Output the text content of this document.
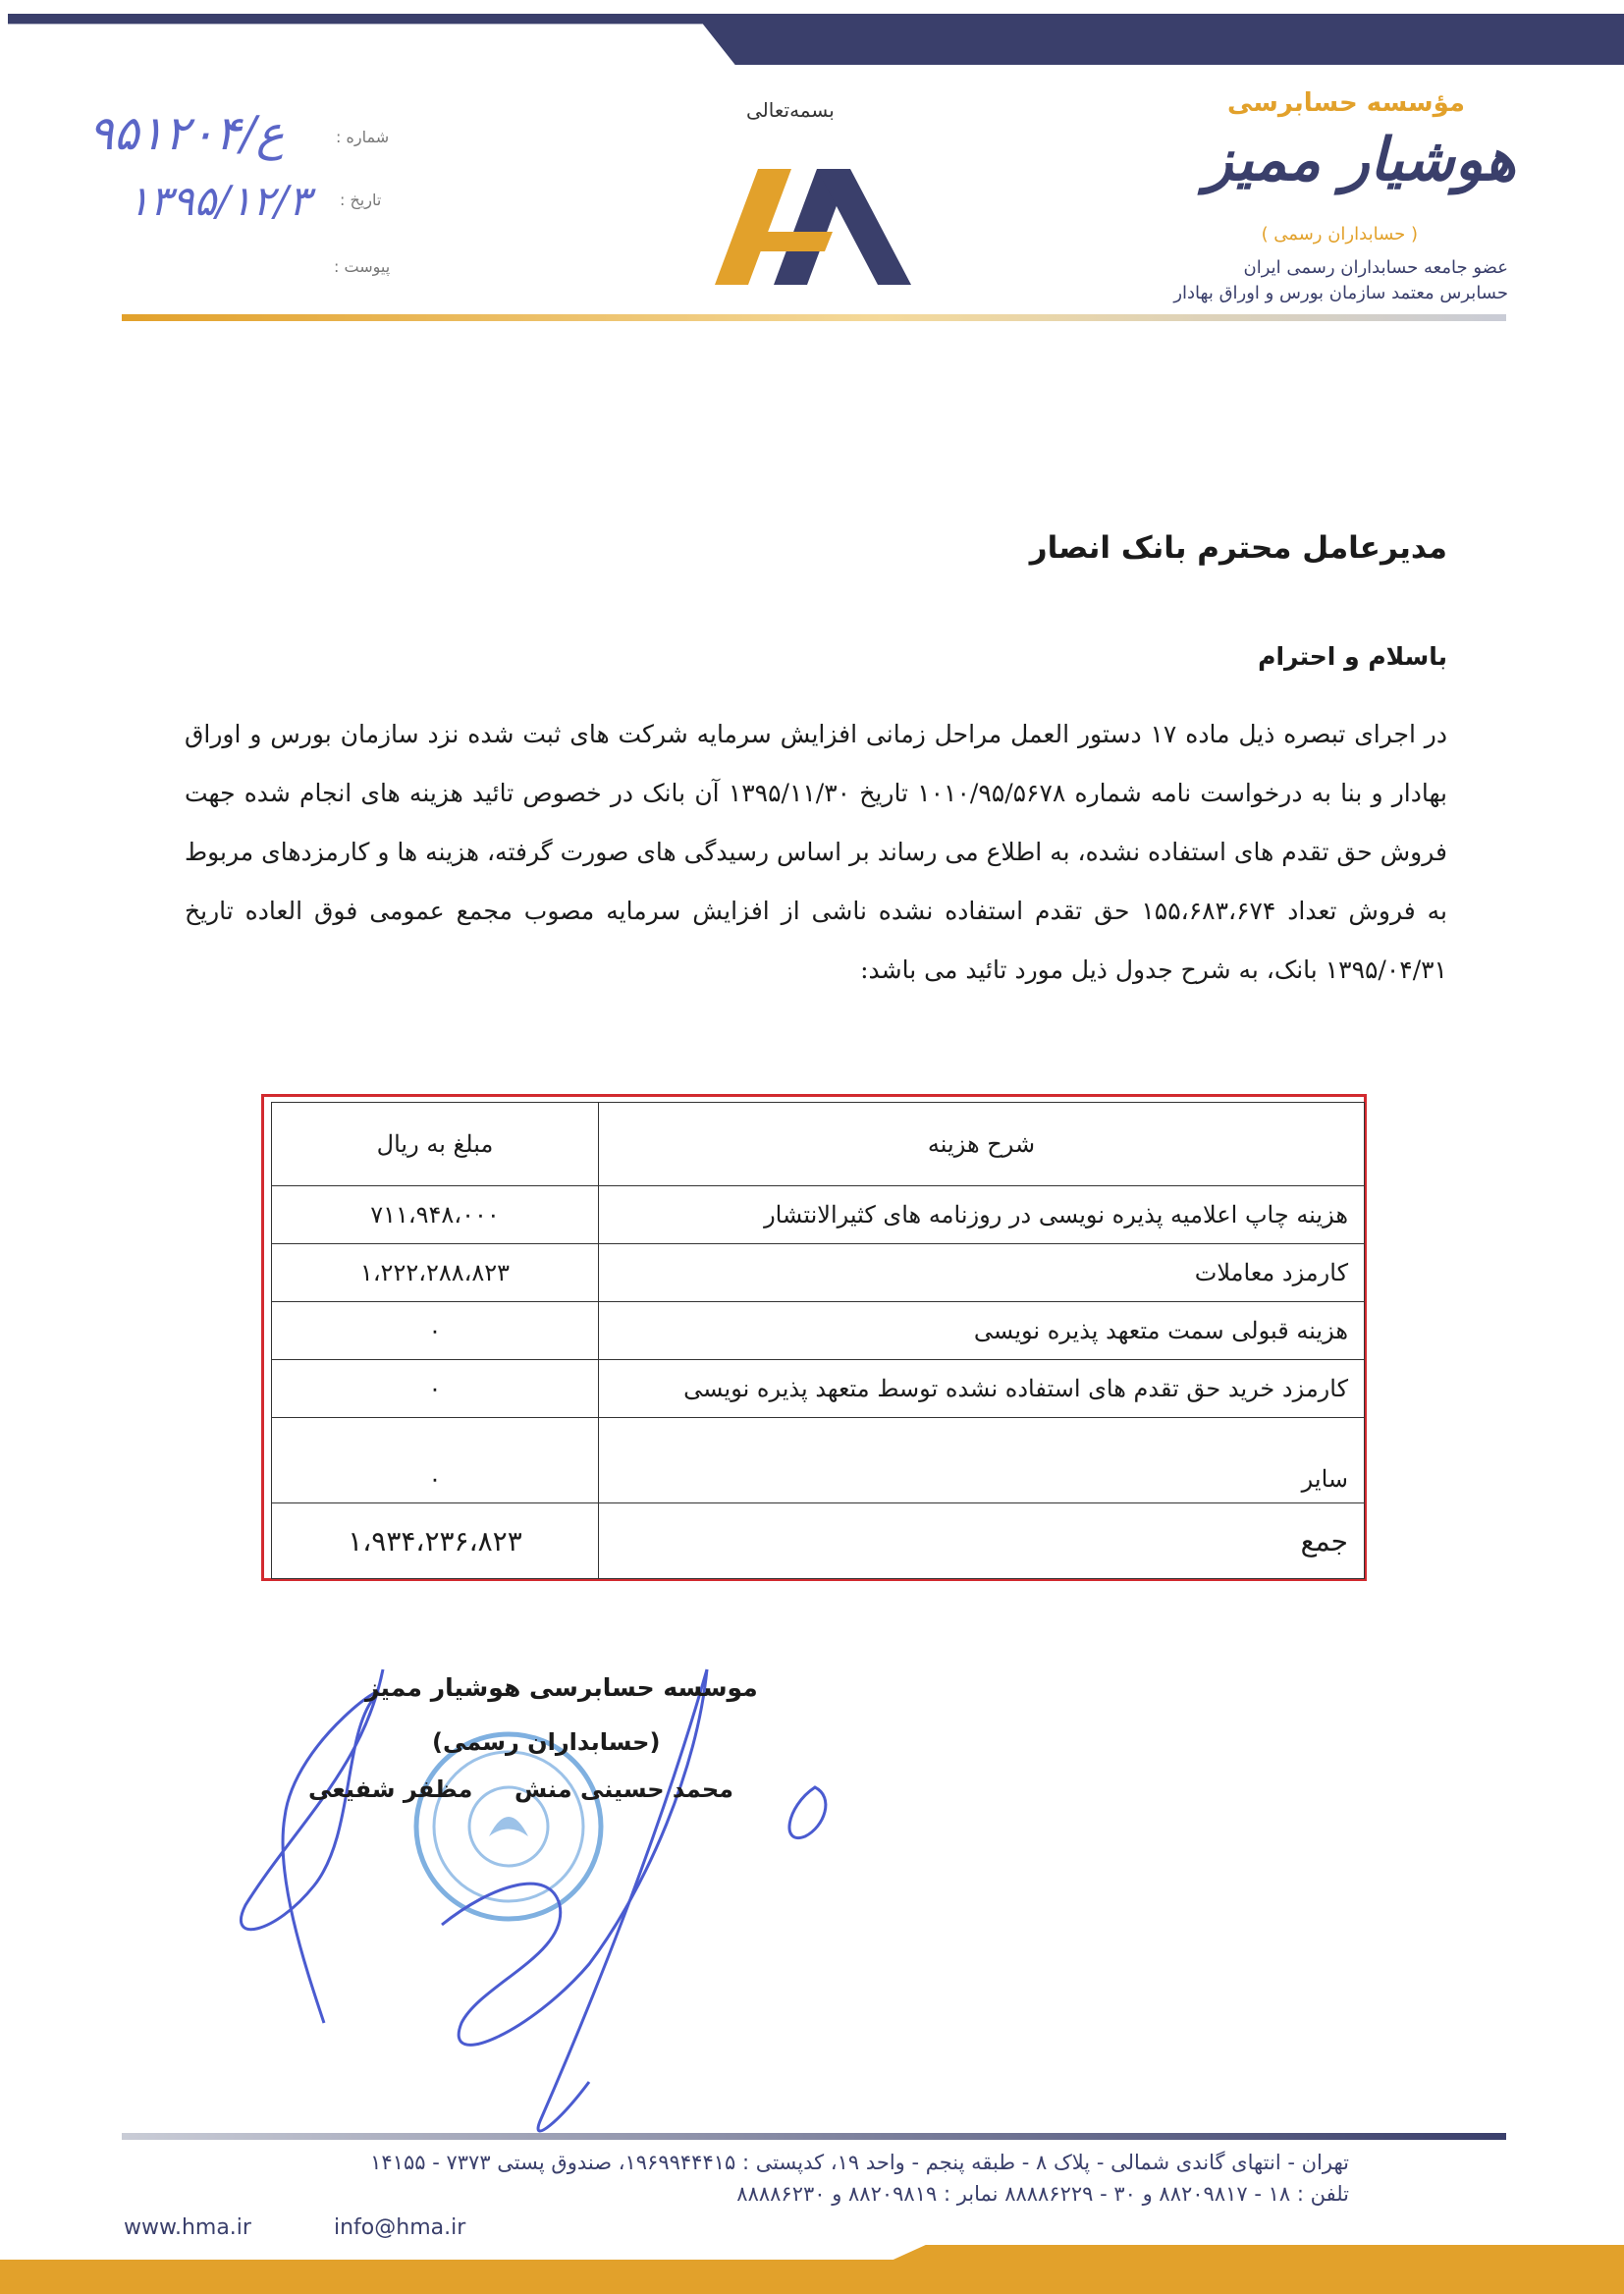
مؤسسه حسابرسی
هوشیار ممیز
( حسابداران رسمی )
عضو جامعه حسابداران رسمی ایران
حسابرس معتمد سازمان بورس و اوراق بهادار
بسمه‌تعالی
شماره :
تاریخ :
پیوست :
۹۵۱۲۰۴/ع
۱۳۹۵/۱۲/۳
مدیرعامل محترم بانک انصار
باسلام و احترام
در اجرای تبصره ذیل ماده ۱۷ دستور العمل مراحل زمانی افزایش سرمایه شرکت های ثبت شده نزد سازمان بورس و اوراق بهادار و بنا به درخواست نامه شماره ۱۰۱۰/۹۵/۵۶۷۸ تاریخ ۱۳۹۵/۱۱/۳۰ آن بانک در خصوص تائید هزینه های انجام شده جهت فروش حق تقدم های استفاده نشده، به اطلاع می رساند بر اساس رسیدگی های صورت گرفته، هزینه ها و کارمزدهای مربوط به فروش تعداد ۱۵۵،۶۸۳،۶۷۴ حق تقدم استفاده نشده ناشی از افزایش سرمایه مصوب مجمع عمومی فوق العاده تاریخ ۱۳۹۵/۰۴/۳۱ بانک، به شرح جدول ذیل مورد تائید می باشد:
شرح هزینه	مبلغ به ریال
هزینه چاپ اعلامیه پذیره نویسی در روزنامه های کثیرالانتشار	۷۱۱،۹۴۸،۰۰۰
کارمزد معاملات	۱،۲۲۲،۲۸۸،۸۲۳
هزینه قبولی سمت متعهد پذیره نویسی	۰
کارمزد خرید حق تقدم های استفاده نشده توسط متعهد پذیره نویسی	۰
سایر	۰
جمع	۱،۹۳۴،۲۳۶،۸۲۳
موسسه حسابرسی هوشیار ممیز
(حسابداران رسمی)
محمد حسینی منش
مظفر شفیعی
تهران - انتهای گاندی شمالی - پلاک ۸ - طبقه پنجم - واحد ۱۹، کدپستی : ۱۹۶۹۹۴۴۴۱۵، صندوق پستی ۷۳۷۳ - ۱۴۱۵۵
تلفن : ۱۸ - ۸۸۲۰۹۸۱۷ و ۳۰ - ۸۸۸۸۶۲۲۹ نمابر : ۸۸۲۰۹۸۱۹ و ۸۸۸۸۶۲۳۰
www.hma.ir	info@hma.ir
